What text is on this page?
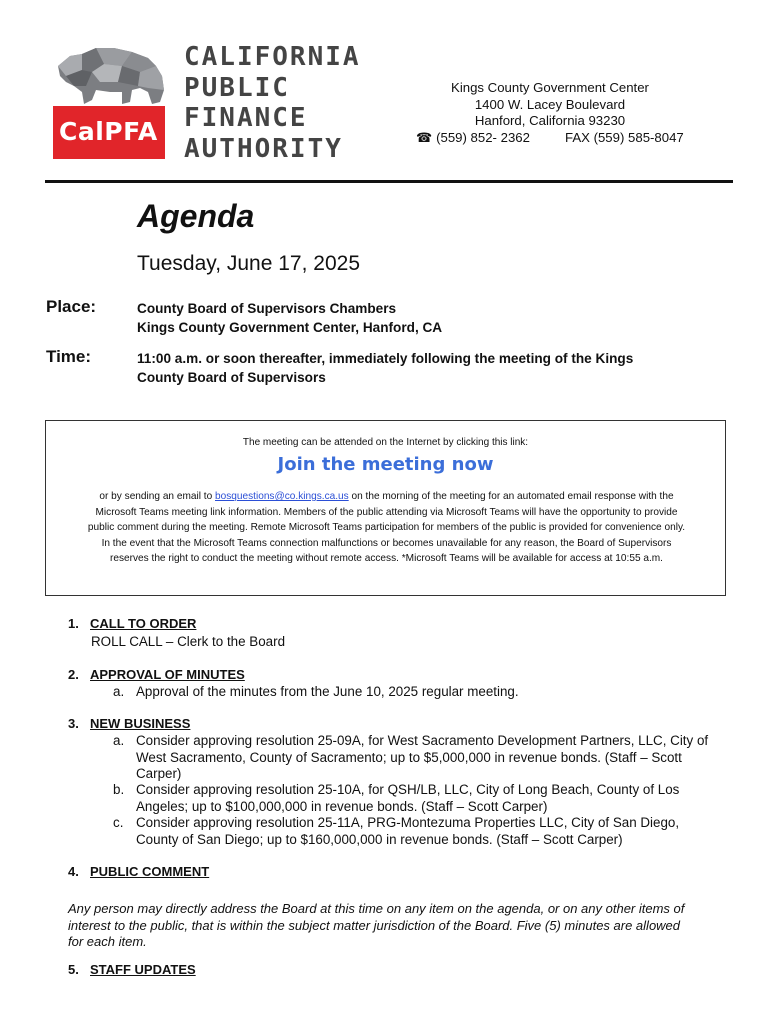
CalPFA
CALIFORNIA
PUBLIC
FINANCE
AUTHORITY
Kings County Government Center
1400 W. Lacey Boulevard
Hanford, California 93230
☎ (559) 852- 2362	FAX (559) 585-8047
Agenda
Tuesday, June 17, 2025
Place:	County Board of Supervisors Chambers
Kings County Government Center, Hanford, CA
Time:	11:00 a.m. or soon thereafter, immediately following the meeting of the Kings
County Board of Supervisors
The meeting can be attended on the Internet by clicking this link:
Join the meeting now
or by sending an email to bosquestions@co.kings.ca.us on the morning of the meeting for an automated email response with the
Microsoft Teams meeting link information. Members of the public attending via Microsoft Teams will have the opportunity to provide
public comment during the meeting. Remote Microsoft Teams participation for members of the public is provided for convenience only.
In the event that the Microsoft Teams connection malfunctions or becomes unavailable for any reason, the Board of Supervisors
reserves the right to conduct the meeting without remote access. *Microsoft Teams will be available for access at 10:55 a.m.
1. CALL TO ORDER
ROLL CALL – Clerk to the Board
2. APPROVAL OF MINUTES
a. Approval of the minutes from the June 10, 2025 regular meeting.
3. NEW BUSINESS
a. Consider approving resolution 25-09A, for West Sacramento Development Partners, LLC, City of
West Sacramento, County of Sacramento; up to $5,000,000 in revenue bonds. (Staff – Scott
Carper)
b. Consider approving resolution 25-10A, for QSH/LB, LLC, City of Long Beach, County of Los
Angeles; up to $100,000,000 in revenue bonds. (Staff – Scott Carper)
c. Consider approving resolution 25-11A, PRG-Montezuma Properties LLC, City of San Diego,
County of San Diego; up to $160,000,000 in revenue bonds. (Staff – Scott Carper)
4. PUBLIC COMMENT
Any person may directly address the Board at this time on any item on the agenda, or on any other items of
interest to the public, that is within the subject matter jurisdiction of the Board. Five (5) minutes are allowed
for each item.
5. STAFF UPDATES
